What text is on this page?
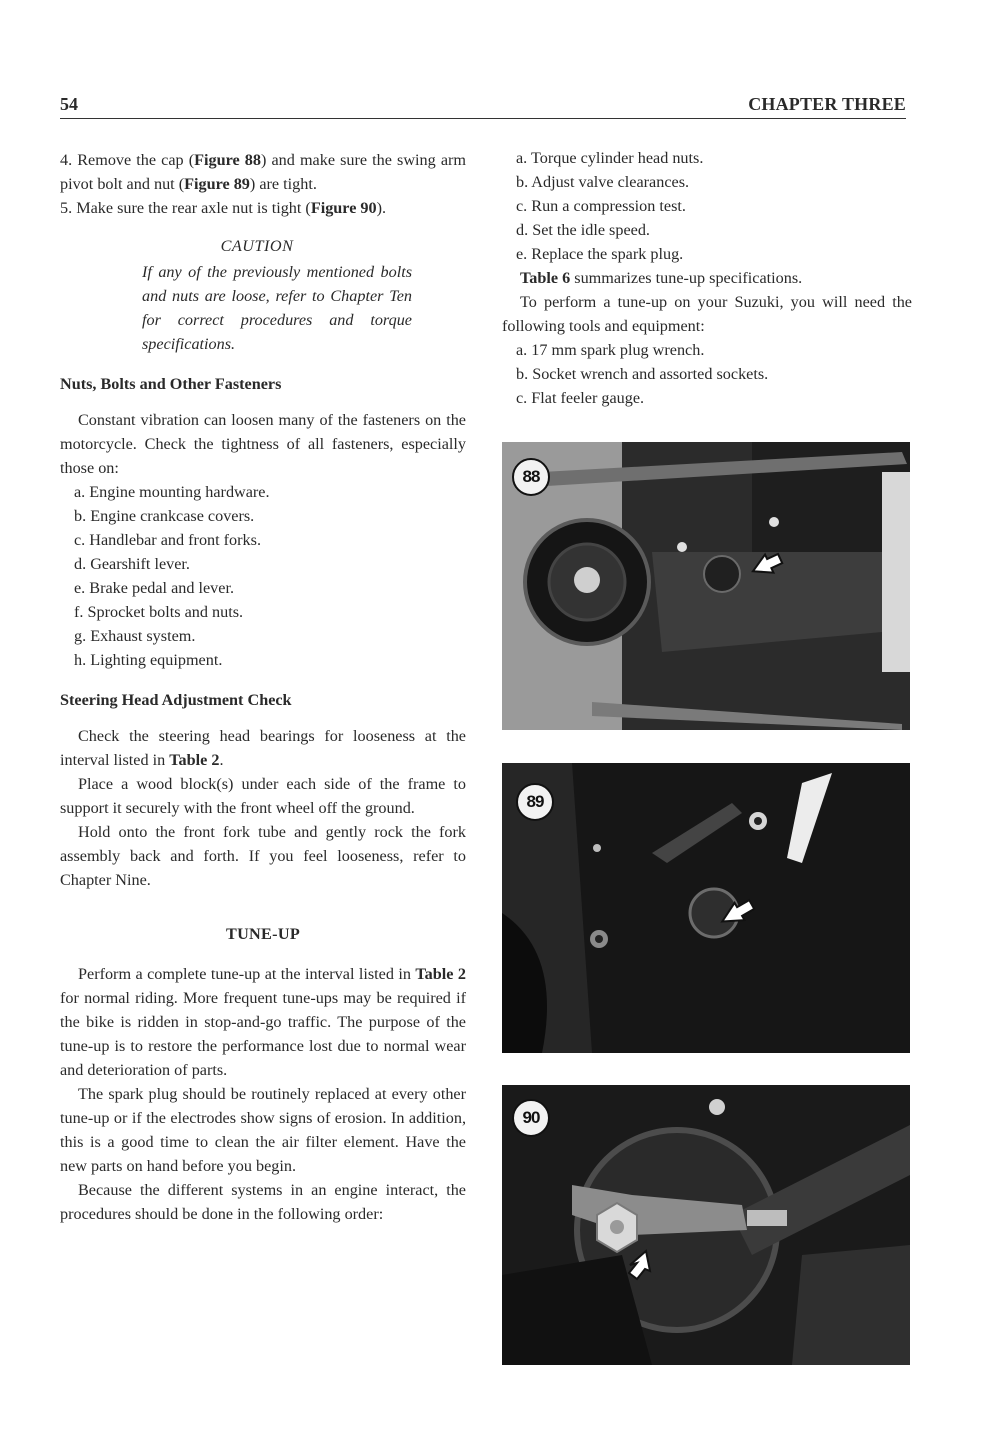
54	CHAPTER THREE

4. Remove the cap (Figure 88) and make sure the swing arm pivot bolt and nut (Figure 89) are tight.

5. Make sure the rear axle nut is tight (Figure 90).

CAUTION

If any of the previously mentioned bolts and nuts are loose, refer to Chapter Ten for correct procedures and torque specifications.

Nuts, Bolts and Other Fasteners

Constant vibration can loosen many of the fasteners on the motorcycle. Check the tightness of all fasteners, especially those on:

a. Engine mounting hardware.

b. Engine crankcase covers.

c. Handlebar and front forks.

d. Gearshift lever.

e. Brake pedal and lever.

f. Sprocket bolts and nuts.

g. Exhaust system.

h. Lighting equipment.

Steering Head Adjustment Check

Check the steering head bearings for looseness at the interval listed in Table 2.

Place a wood block(s) under each side of the frame to support it securely with the front wheel off the ground.

Hold onto the front fork tube and gently rock the fork assembly back and forth. If you feel looseness, refer to Chapter Nine.

TUNE-UP

Perform a complete tune-up at the interval listed in Table 2 for normal riding. More frequent tune-ups may be required if the bike is ridden in stop-and-go traffic. The purpose of the tune-up is to restore the performance lost due to normal wear and deterioration of parts.

The spark plug should be routinely replaced at every other tune-up or if the electrodes show signs of erosion. In addition, this is a good time to clean the air filter element. Have the new parts on hand before you begin.

Because the different systems in an engine interact, the procedures should be done in the following order:

a. Torque cylinder head nuts.

b. Adjust valve clearances.

c. Run a compression test.

d. Set the idle speed.

e. Replace the spark plug.

Table 6 summarizes tune-up specifications.

To perform a tune-up on your Suzuki, you will need the following tools and equipment:

a. 17 mm spark plug wrench.

b. Socket wrench and assorted sockets.

c. Flat feeler gauge.

88
89
90
